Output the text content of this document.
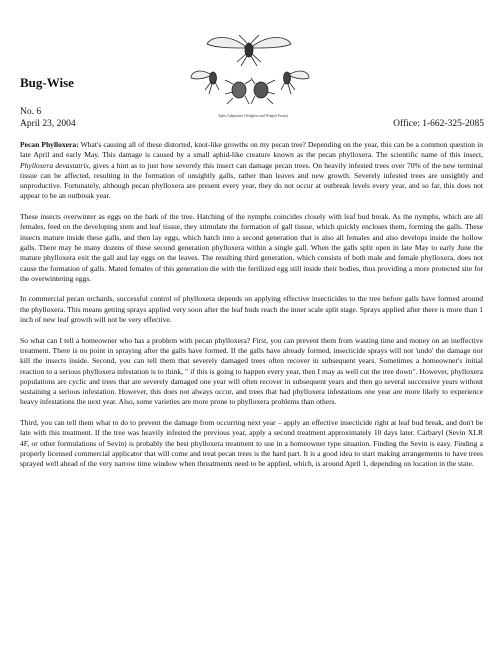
Aphis Adaptation (Wingless and Winged Forms)
Bug-Wise
No. 6
April 23, 2004	Office: 1-662-325-2085

Pecan Phylloxera: What's causing all of these distorted, knot-like growths on my pecan tree? Depending on the year, this can be a common question in late April and early May. This damage is caused by a small aphid-like creature known as the pecan phylloxera. The scientific name of this insect, Phylloxera devastatrix, gives a hint as to just how severely this insect can damage pecan trees. On heavily infested trees over 70% of the new terminal tissue can be affected, resulting in the formation of unsightly galls, rather than leaves and new growth. Severely infested trees are unsightly and unproductive. Fortunately, although pecan phylloxera are present every year, they do not occur at outbreak levels every year, and so far, this does not appear to be an outbreak year.

These insects overwinter as eggs on the bark of the tree. Hatching of the nymphs coincides closely with leaf bud break. As the nymphs, which are all females, feed on the developing stem and leaf tissue, they stimulate the formation of gall tissue, which quickly encloses them, forming the galls. These insects mature inside these galls, and then lay eggs, which hatch into a second generation that is also all females and also develops inside the hollow galls. There may be many dozens of these second generation phylloxera within a single gall. When the galls split open in late May to early June the mature phylloxera exit the gall and lay eggs on the leaves. The resulting third generation, which consists of both male and female phylloxera, does not cause the formation of galls. Mated females of this generation die with the fertilized egg still inside their bodies, thus providing a more protected site for the overwintering eggs.

In commercial pecan orchards, successful control of phylloxera depends on applying effective insecticides to the tree before galls have formed around the phylloxera. This means getting sprays applied very soon after the leaf buds reach the inner scale split stage. Sprays applied after there is more than 1 inch of new leaf growth will not be very effective.

So what can I tell a homeowner who has a problem with pecan phylloxera? First, you can prevent them from wasting time and money on an ineffective treatment. There is no point in spraying after the galls have formed. If the galls have already formed, insecticide sprays will not 'undo' the damage nor kill the insects inside. Second, you can tell them that severely damaged trees often recover in subsequent years. Sometimes a homeowner's initial reaction to a serious phylloxera infestation is to think, " if this is going to happen every year, then I may as well cut the tree down". However, phylloxera populations are cyclic and trees that are severely damaged one year will often recover in subsequent years and then go several successive years without sustaining a serious infestation. However, this does not always occur, and trees that had phylloxera infestations one year are more likely to experience heavy infestations the next year. Also, some varieties are more prone to phylloxera problems than others.

Third, you can tell them what to do to prevent the damage from occurring next year – apply an effective insecticide right at leaf bud break, and don't be late with this treatment. If the tree was heavily infested the previous year, apply a second treatment approximately 10 days later. Carbaryl (Sevin XLR 4F, or other formulations of Sevin) is probably the best phylloxera treatment to use in a homeowner type situation. Finding the Sevin is easy. Finding a properly licensed commercial applicator that will come and treat pecan trees is the hard part. It is a good idea to start making arrangements to have trees sprayed well ahead of the very narrow time window when threatments need to be applied, which, is around April 1, depending on location in the state.
